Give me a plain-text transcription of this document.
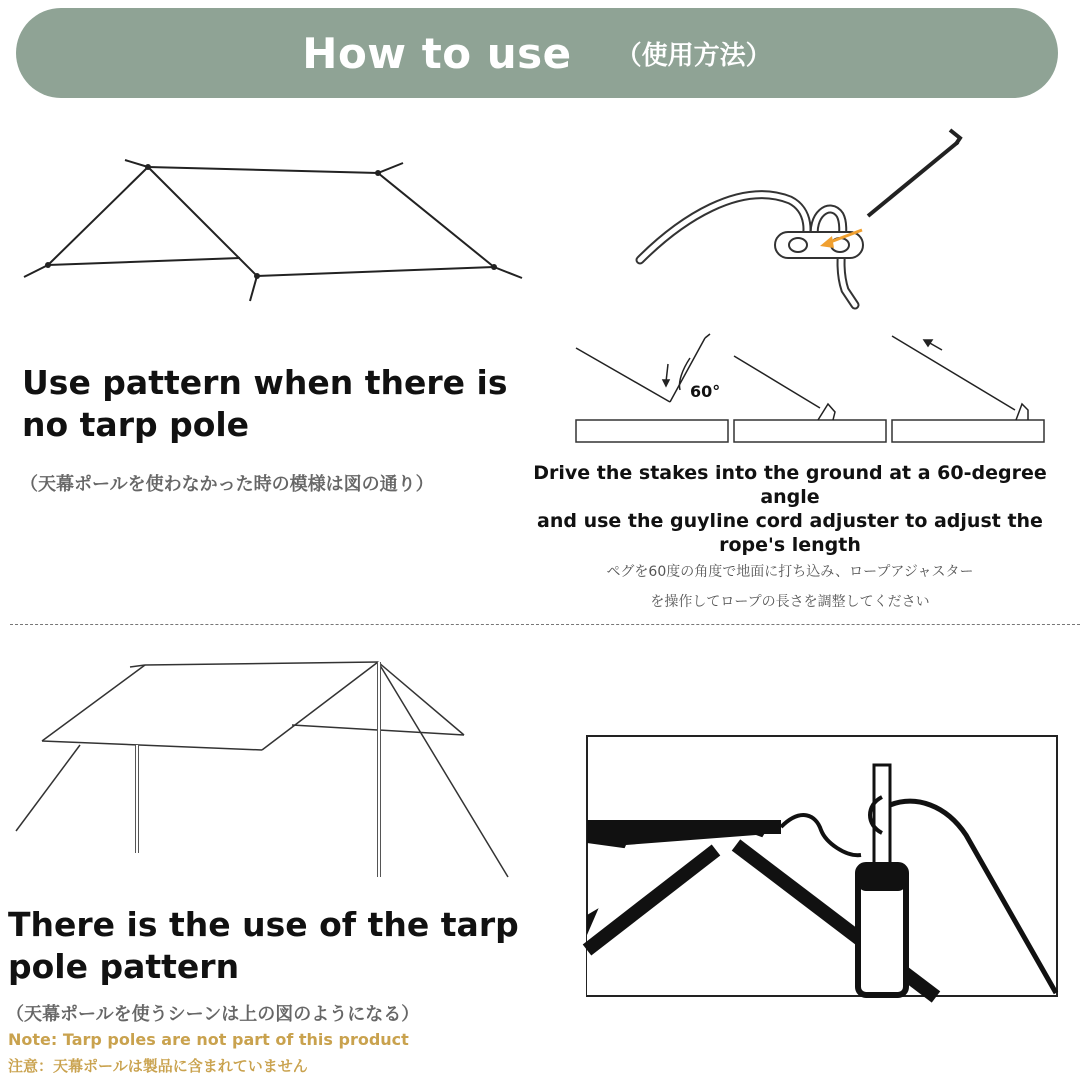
How to use （使用方法）
60°
Use pattern when there is
no tarp pole
（天幕ポールを使わなかった時の模様は図の通り）
Drive the stakes into the ground at a 60-degree angle
and use the guyline cord adjuster to adjust the
rope's length
ペグを60度の角度で地面に打ち込み、ロープアジャスター
を操作してロープの長さを調整してください
There is the use of the tarp
pole pattern
（天幕ポールを使うシーンは上の図のようになる）
Note: Tarp poles are not part of this product
注意：天幕ポールは製品に含まれていません
